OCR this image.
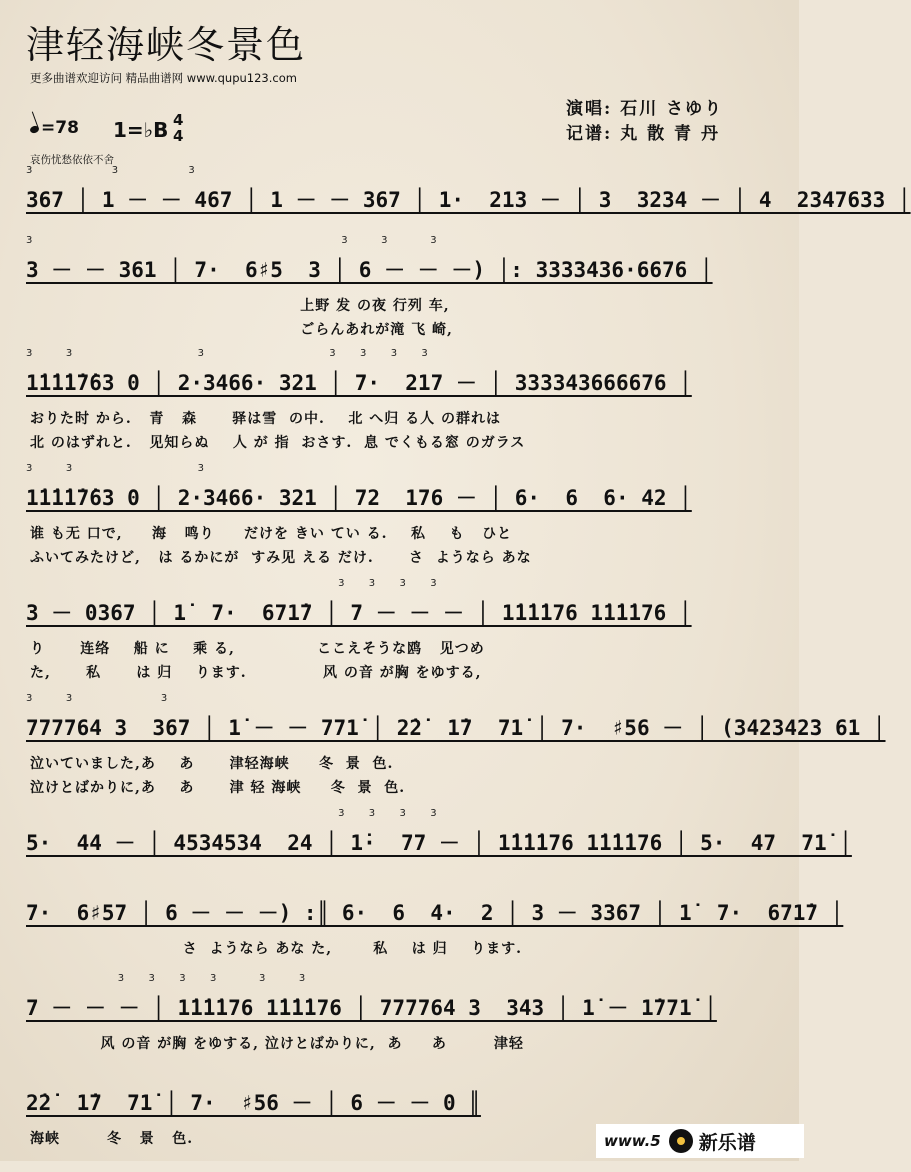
津轻海峡冬景色
更多曲谱欢迎访问 精品曲谱网 www.qupu123.com
演唱: 石川 さゆり
记谱: 丸 散 青 丹
=78 1=♭B 4
4
哀伤忧愁依依不舍
3        3       3
367 │ 1 － － 467 │ 1 － － 367 │ 1·  213 － │ 3  3234 － │ 4  2347633 │
3                                 3   3    3
3 － － 361 │ 7·  6♯5  3 │ 6 － － －) │: 3333436·6676 │
上野 发 の夜 行列 车,
ごらんあれが滝 飞 崎,
3   3             3             3  3  3  3
1̇1̇1̇1̇7̇63 0 │ 2·3466· 321 │ 7·  217 － │ 333343666676 │
おりた时 から.   青   森      驿は雪  の中.    北 へ归 る人 の群れは
北 のはずれと.   见知らぬ    人 が 指  おさす.  息 でくもる窓 のガラス
3   3             3
1̇1̇1̇1̇7̇63 0 │ 2·3466· 321 │ 72  176 － │ 6·  6  6· 42 │
谁 も无 口で,     海   鸣り     だけを きい てい る.    私    も   ひと
ふいてみたけど,   は るかにが  すみ见 える だけ.      さ  ようなら あな
3  3  3  3
3 － 0367 │ 1̇  7·  671̇7 │ 7 － － － │ 1̇1̇1̇176 1̇1̇1̇176 │
り      连络    船 に    乘 る,              ここえそうな鸥   见つめ
た,      私      は 归    ります.             风 の音 が胸 をゆする,
3   3         3
777764 3  367 │ 1̇ － － 771̇ │ 2̇2̇  1̇7  71̇ │ 7·  ♯56 － │ (3423423 61 │
泣いていました,あ    あ      津轻海峡     冬  景  色.
泣けとばかりに,あ    あ      津 轻 海峡     冬  景  色.
3  3  3  3
5·  44 － │ 4534534  24 │ 1̇·  77 － │ 1̇1̇1̇176 1̇1̇1̇176 │ 5·  47  71̇ │
7·  6♯57 │ 6 － － －) :║ 6·  6  4·  2 │ 3 － 3367 │ 1̇  7·  671̇7 │
さ  ようなら あな た,       私    は 归    ります.
3  3  3  3    3   3
7 － － － │ 1̇1̇1̇176 1̇1̇1̇176 │ 777764 3  343 │ 1̇ － 1̇771̇ │
风 の音 が胸 をゆする, 泣けとばかりに,  あ     あ        津轻
2̇2̇  1̇7  71̇ │ 7·  ♯56 － │ 6 － － 0 ║
海峡        冬   景   色.	www.5 新乐谱
